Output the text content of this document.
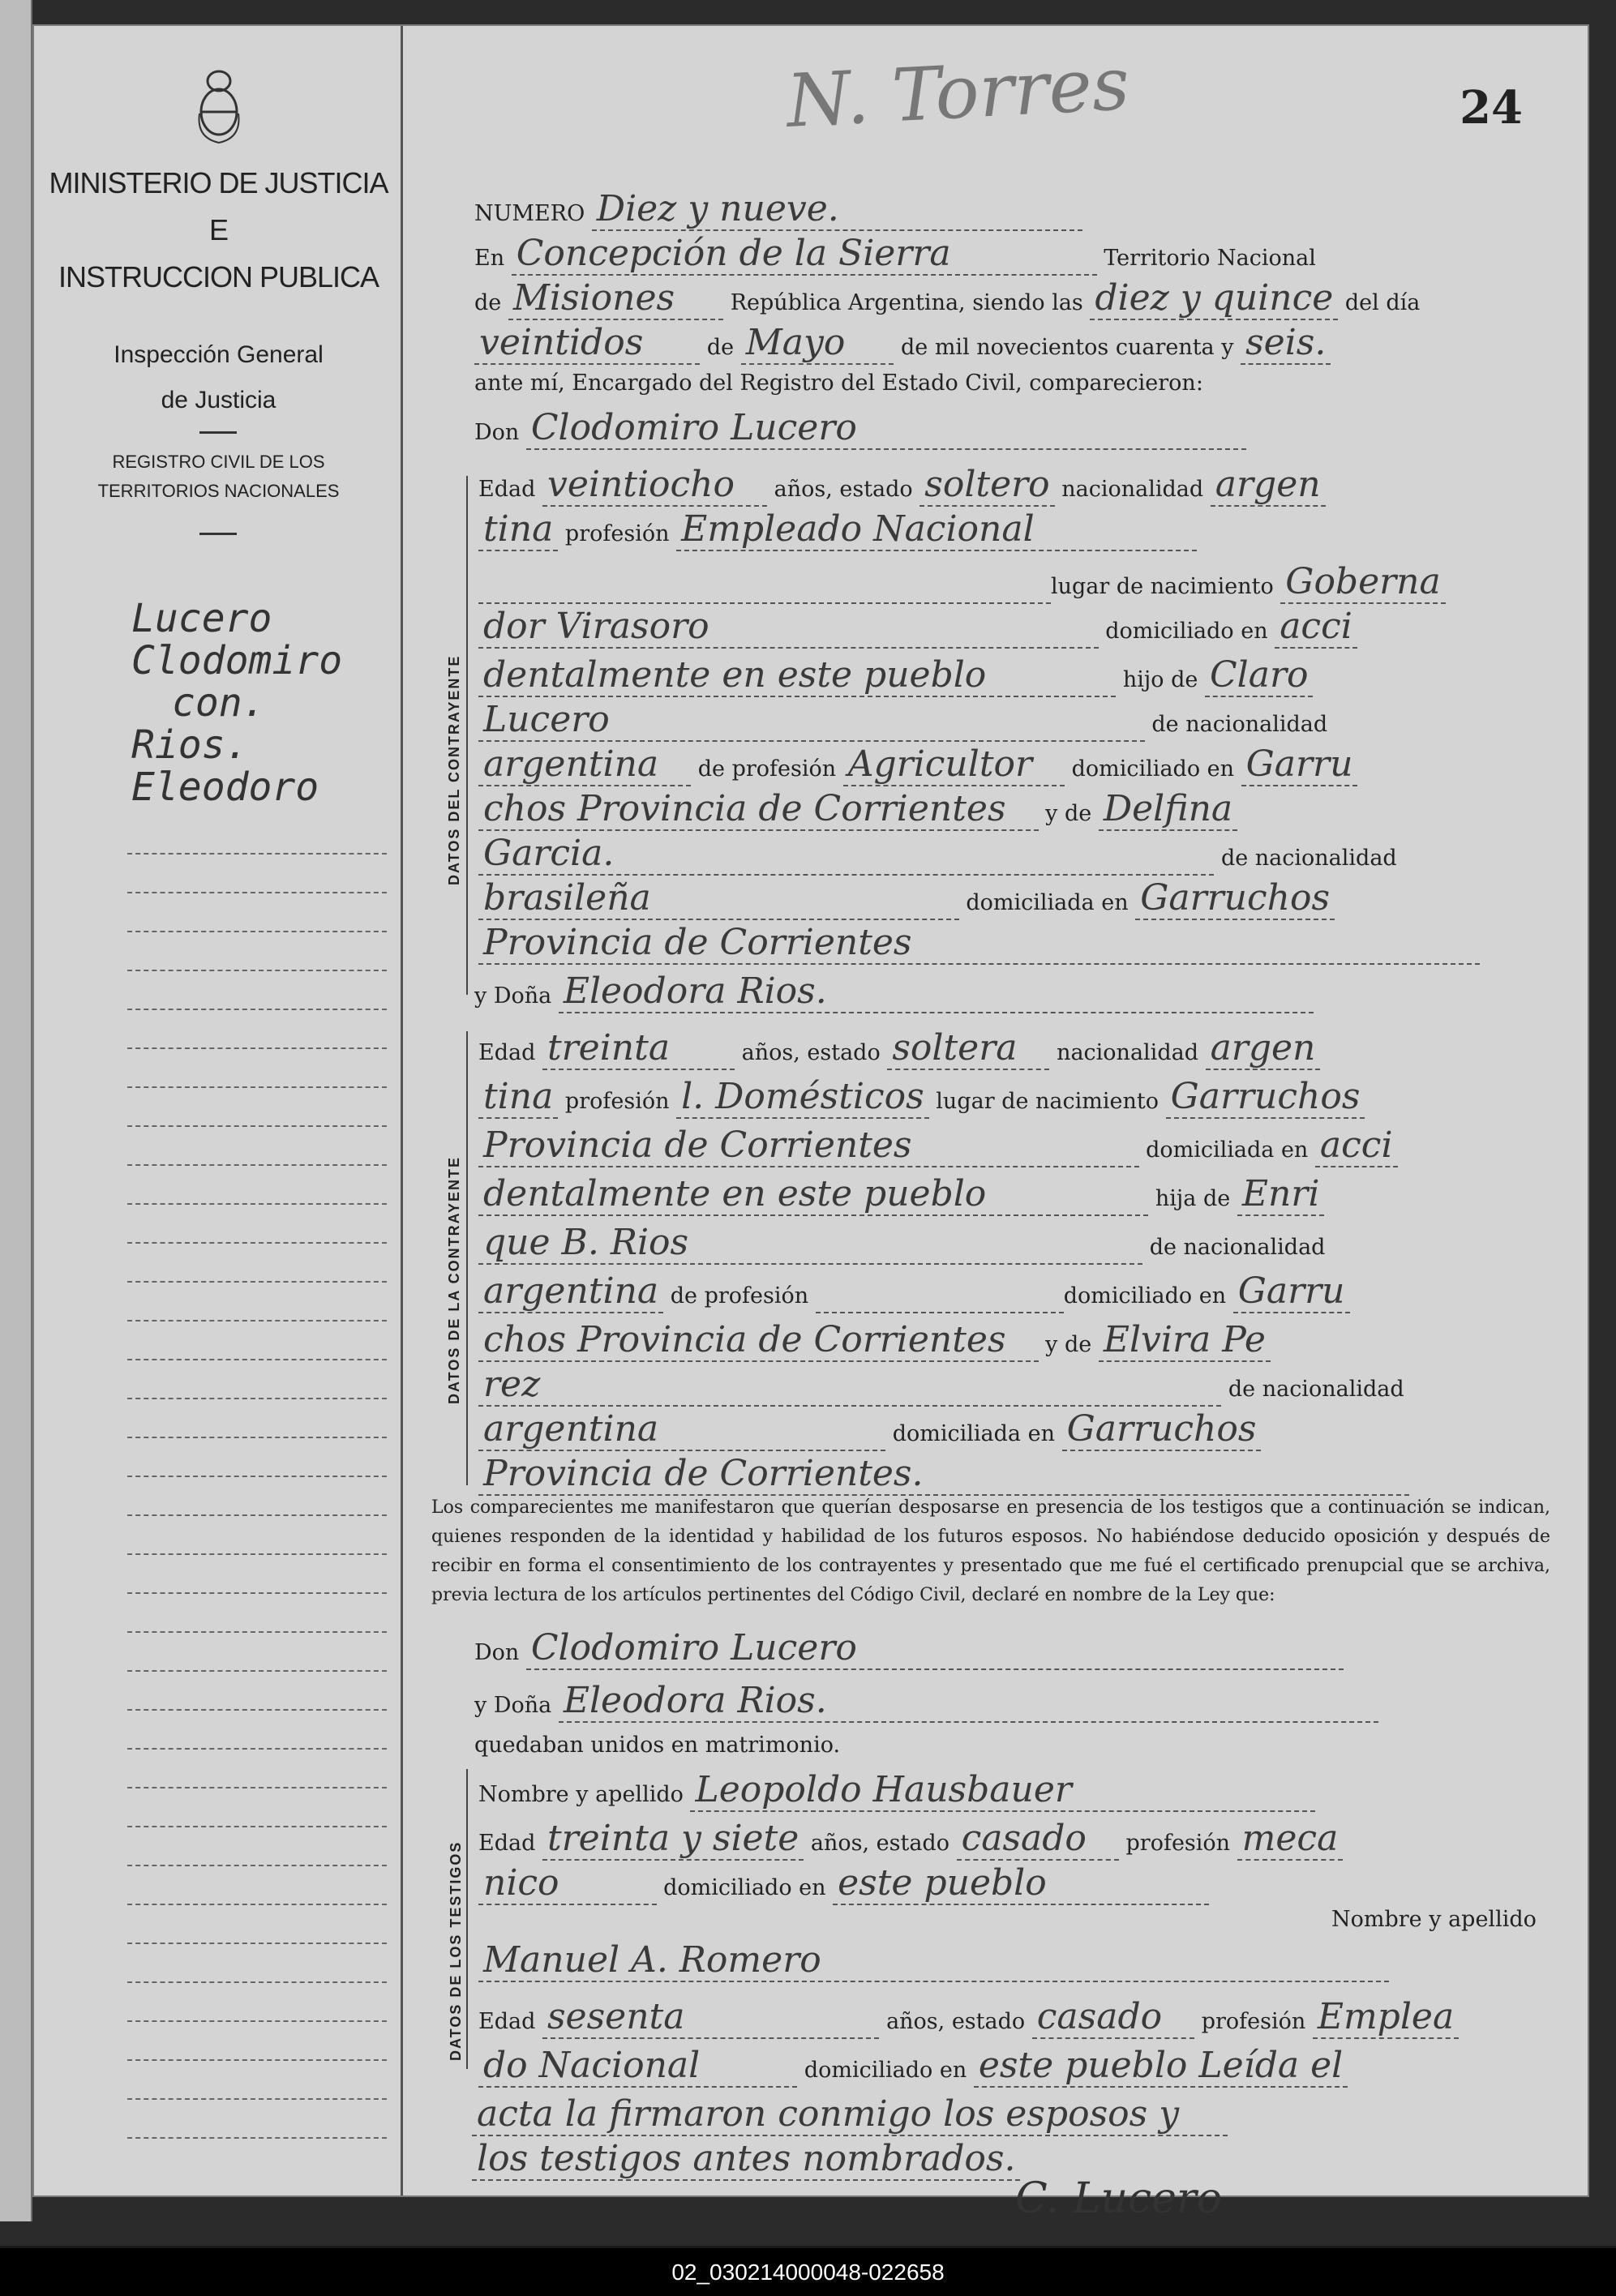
MINISTERIO DE JUSTICIA
E
INSTRUCCION PUBLICA
Inspección General
de Justicia
REGISTRO CIVIL DE LOS
TERRITORIOS NACIONALES
Lucero
Clodomiro
con.
Rios.
Eleodoro
N. Torres	24
NUMERO Diez y nueve.
En Concepción de la Sierra	Territorio Nacional
de Misiones	República Argentina, siendo las diez y quince del día
veintidos	de Mayo	de mil novecientos cuarenta y seis.
ante mí, Encargado del Registro del Estado Civil, comparecieron:
Don Clodomiro Lucero
DATOS DEL CONTRAYENTE
Edad veintiocho años, estado soltero nacionalidad argen
tina profesión Empleado Nacional
lugar de nacimiento Goberna
dor Virasoro	domiciliado en acci
dentalmente en este pueblo	hijo de Claro
Lucero	de nacionalidad
argentina de profesión Agricultor domiciliado en Garru
chos Provincia de Corrientes y de Delfina
Garcia.	de nacionalidad
brasileña	domiciliada en Garruchos
Provincia de Corrientes
y Doña Eleodora Rios.
DATOS DE LA CONTRAYENTE
Edad treinta	años, estado soltera nacionalidad argen
tina profesión l. Domésticos lugar de nacimiento Garruchos
Provincia de Corrientes	domiciliada en acci
dentalmente en este pueblo	hija de Enri
que B. Rios	de nacionalidad
argentina de profesión	domiciliado en Garru
chos Provincia de Corrientes y de Elvira Pe
rez	de nacionalidad
argentina	domiciliada en Garruchos
Provincia de Corrientes.
Los comparecientes me manifestaron que querían desposarse en presencia de los testigos que a continuación se indican, quienes responden de la identidad y habilidad de los futuros esposos. No habiéndose deducido oposición y después de recibir en forma el consentimiento de los contrayentes y presentado que me fué el certificado prenupcial que se archiva, previa lectura de los artículos pertinentes del Código Civil, declaré en nombre de la Ley que:
Don Clodomiro Lucero
y Doña Eleodora Rios.
quedaban unidos en matrimonio.
DATOS DE LOS TESTIGOS
Nombre y apellido Leopoldo Hausbauer
Edad treinta y siete años, estado casado profesión meca
nico	domiciliado en este pueblo
Nombre y apellido
Manuel A. Romero
Edad sesenta	años, estado casado profesión Emplea
do Nacional	domiciliado en este pueblo Leída el
acta la firmaron conmigo los esposos y
los testigos antes nombrados.
C. Lucero
02_030214000048-022658
